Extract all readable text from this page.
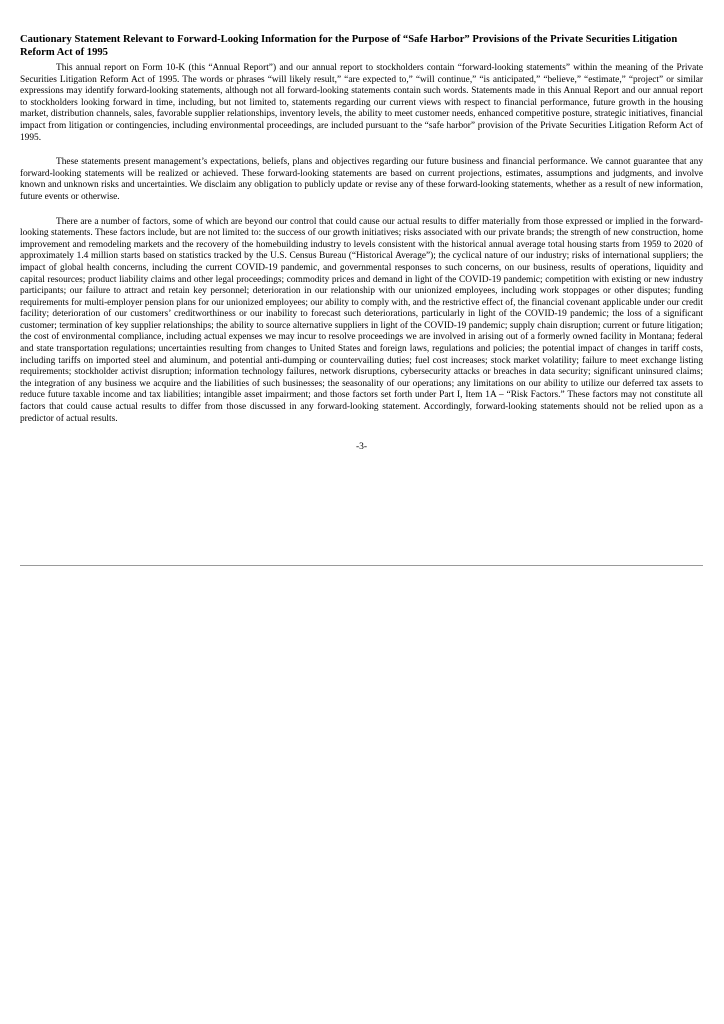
Cautionary Statement Relevant to Forward-Looking Information for the Purpose of “Safe Harbor” Provisions of the Private Securities Litigation Reform Act of 1995

This annual report on Form 10-K (this “Annual Report”) and our annual report to stockholders contain “forward-looking statements” within the meaning of the Private Securities Litigation Reform Act of 1995. The words or phrases “will likely result,” “are expected to,” “will continue,” “is anticipated,” “believe,” “estimate,” “project” or similar expressions may identify forward-looking statements, although not all forward-looking statements contain such words. Statements made in this Annual Report and our annual report to stockholders looking forward in time, including, but not limited to, statements regarding our current views with respect to financial performance, future growth in the housing market, distribution channels, sales, favorable supplier relationships, inventory levels, the ability to meet customer needs, enhanced competitive posture, strategic initiatives, financial impact from litigation or contingencies, including environmental proceedings, are included pursuant to the “safe harbor” provision of the Private Securities Litigation Reform Act of 1995.

These statements present management’s expectations, beliefs, plans and objectives regarding our future business and financial performance. We cannot guarantee that any forward-looking statements will be realized or achieved. These forward-looking statements are based on current projections, estimates, assumptions and judgments, and involve known and unknown risks and uncertainties. We disclaim any obligation to publicly update or revise any of these forward-looking statements, whether as a result of new information, future events or otherwise.

There are a number of factors, some of which are beyond our control that could cause our actual results to differ materially from those expressed or implied in the forward-looking statements. These factors include, but are not limited to: the success of our growth initiatives; risks associated with our private brands; the strength of new construction, home improvement and remodeling markets and the recovery of the homebuilding industry to levels consistent with the historical annual average total housing starts from 1959 to 2020 of approximately 1.4 million starts based on statistics tracked by the U.S. Census Bureau (“Historical Average”); the cyclical nature of our industry; risks of international suppliers; the impact of global health concerns, including the current COVID-19 pandemic, and governmental responses to such concerns, on our business, results of operations, liquidity and capital resources; product liability claims and other legal proceedings; commodity prices and demand in light of the COVID-19 pandemic; competition with existing or new industry participants; our failure to attract and retain key personnel; deterioration in our relationship with our unionized employees, including work stoppages or other disputes; funding requirements for multi-employer pension plans for our unionized employees; our ability to comply with, and the restrictive effect of, the financial covenant applicable under our credit facility; deterioration of our customers’ creditworthiness or our inability to forecast such deteriorations, particularly in light of the COVID-19 pandemic; the loss of a significant customer; termination of key supplier relationships; the ability to source alternative suppliers in light of the COVID-19 pandemic; supply chain disruption; current or future litigation; the cost of environmental compliance, including actual expenses we may incur to resolve proceedings we are involved in arising out of a formerly owned facility in Montana; federal and state transportation regulations; uncertainties resulting from changes to United States and foreign laws, regulations and policies; the potential impact of changes in tariff costs, including tariffs on imported steel and aluminum, and potential anti-dumping or countervailing duties; fuel cost increases; stock market volatility; failure to meet exchange listing requirements; stockholder activist disruption; information technology failures, network disruptions, cybersecurity attacks or breaches in data security; significant uninsured claims; the integration of any business we acquire and the liabilities of such businesses; the seasonality of our operations; any limitations on our ability to utilize our deferred tax assets to reduce future taxable income and tax liabilities; intangible asset impairment; and those factors set forth under Part I, Item 1A – “Risk Factors.” These factors may not constitute all factors that could cause actual results to differ from those discussed in any forward-looking statement. Accordingly, forward-looking statements should not be relied upon as a predictor of actual results.

-3-
